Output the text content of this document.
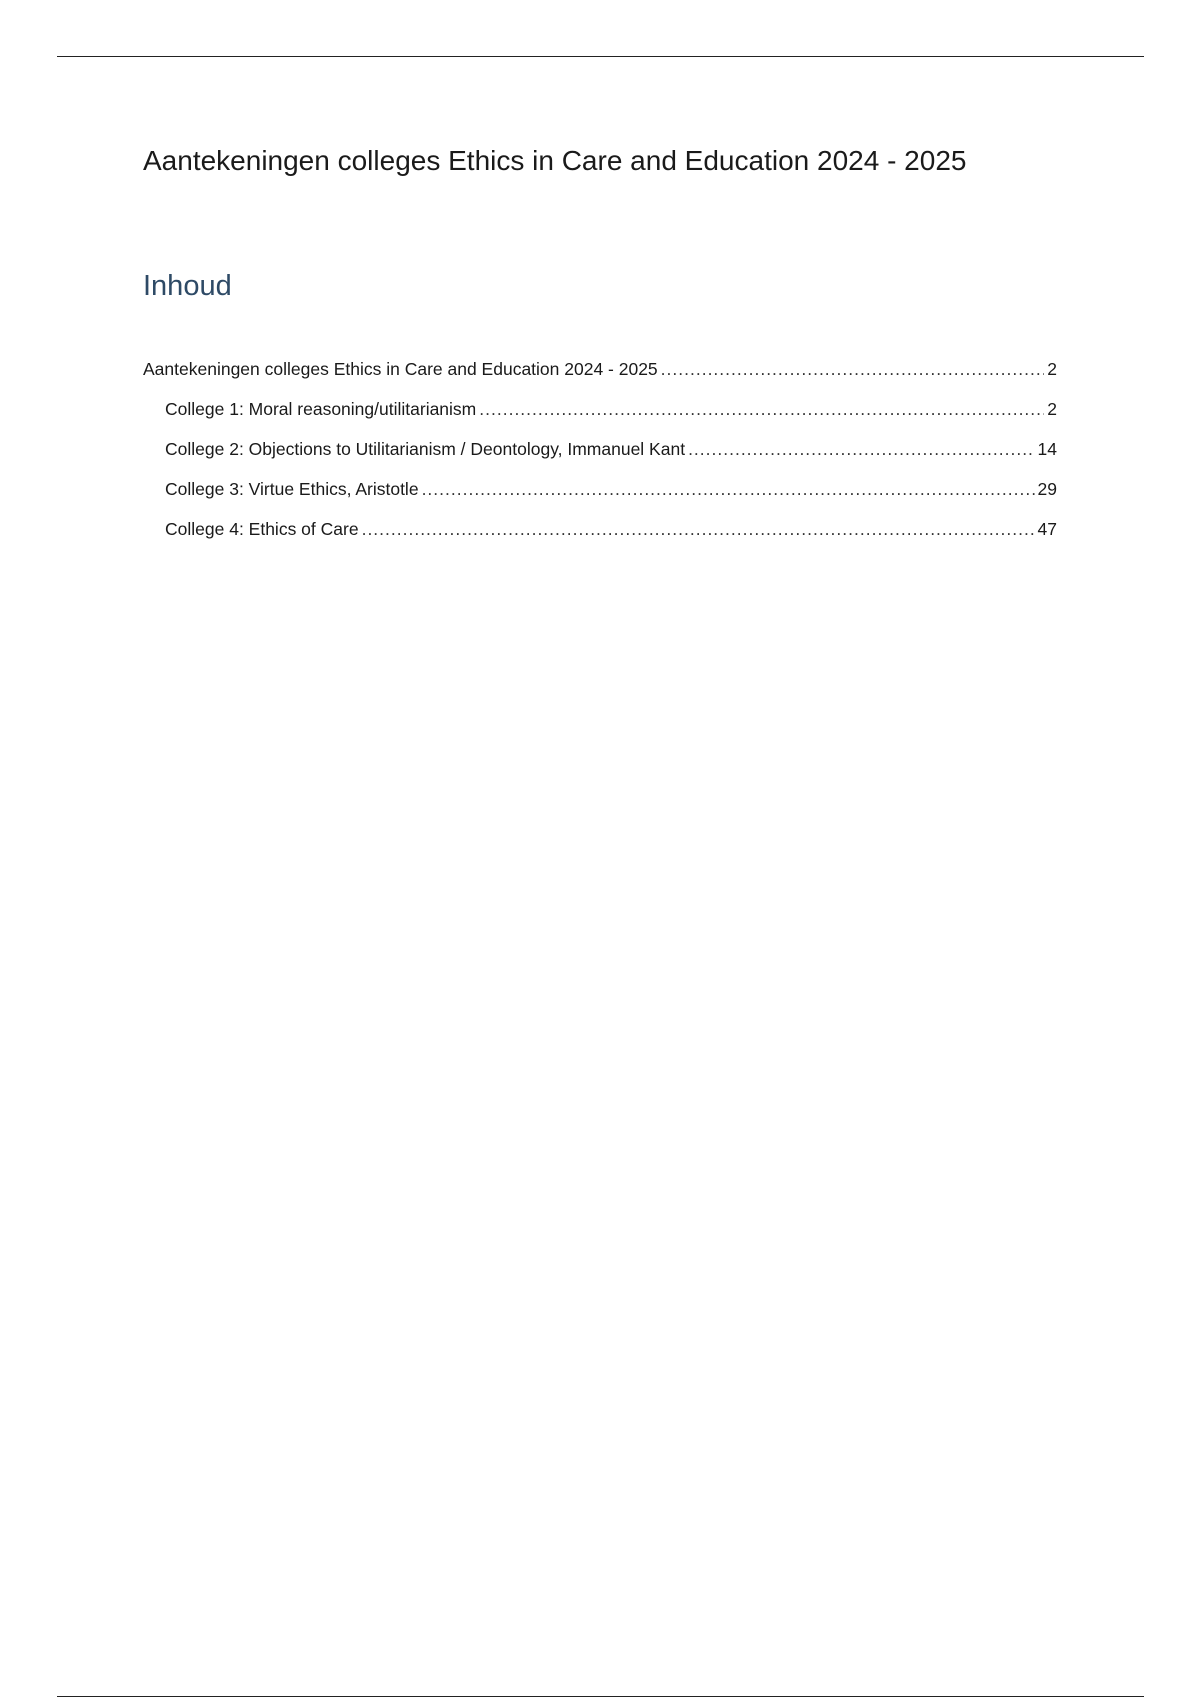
Aantekeningen colleges Ethics in Care and Education 2024 - 2025
Inhoud
Aantekeningen colleges Ethics in Care and Education 2024 - 2025 .....	2
College 1: Moral reasoning/utilitarianism .....	2
College 2: Objections to Utilitarianism / Deontology, Immanuel Kant .....	14
College 3: Virtue Ethics, Aristotle .....	29
College 4: Ethics of Care .....	47
